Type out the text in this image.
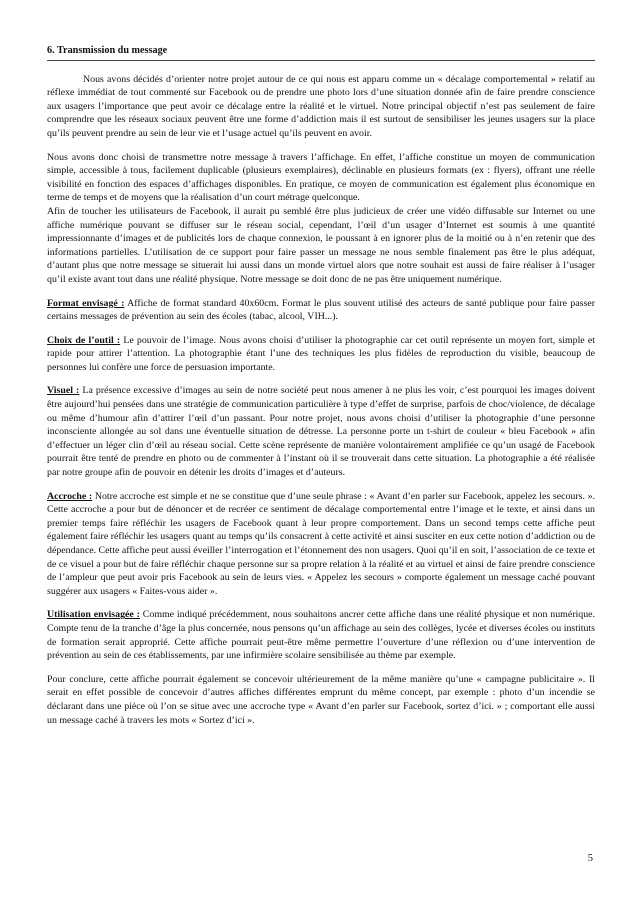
6. Transmission du message

Nous avons décidés d’orienter notre projet autour de ce qui nous est apparu comme un « décalage comportemental » relatif au réflexe immédiat de tout commenté sur Facebook ou de prendre une photo lors d’une situation donnée afin de faire prendre conscience aux usagers l’importance que peut avoir ce décalage entre la réalité et le virtuel. Notre principal objectif n’est pas seulement de faire comprendre que les réseaux sociaux peuvent être une forme d’addiction mais il est surtout de sensibiliser les jeunes usagers sur la place qu’ils peuvent prendre au sein de leur vie et l’usage actuel qu’ils peuvent en avoir.

Nous avons donc choisi de transmettre notre message à travers l’affichage. En effet, l’affiche constitue un moyen de communication simple, accessible à tous, facilement duplicable (plusieurs exemplaires), déclinable en plusieurs formats (ex : flyers), offrant une réelle visibilité en fonction des espaces d’affichages disponibles. En pratique, ce moyen de communication est également plus économique en terme de temps et de moyens que la réalisation d’un court métrage quelconque.

Afin de toucher les utilisateurs de Facebook, il aurait pu semblé être plus judicieux de créer une vidéo diffusable sur Internet ou une affiche numérique pouvant se diffuser sur le réseau social, cependant, l’œil d’un usager d’Internet est soumis à une quantité impressionnante d’images et de publicités lors de chaque connexion, le poussant à en ignorer plus de la moitié ou à n’en retenir que des informations partielles. L’utilisation de ce support pour faire passer un message ne nous semble finalement pas être le plus adéquat, d’autant plus que notre message se situerait lui aussi dans un monde virtuel alors que notre souhait est aussi de faire réaliser à l’usager qu’il existe avant tout dans une réalité physique. Notre message se doit donc de ne pas être uniquement numérique.

Format envisagé : Affiche de format standard 40x60cm. Format le plus souvent utilisé des acteurs de santé publique pour faire passer certains messages de prévention au sein des écoles (tabac, alcool, VIH...).

Choix de l’outil : Le pouvoir de l’image. Nous avons choisi d’utiliser la photographie car cet outil représente un moyen fort, simple et rapide pour attirer l’attention. La photographie étant l’une des techniques les plus fidèles de reproduction du visible, beaucoup de personnes lui confère une force de persuasion importante.

Visuel : La présence excessive d’images au sein de notre société peut nous amener à ne plus les voir, c’est pourquoi les images doivent être aujourd’hui pensées dans une stratégie de communication particulière à type d’effet de surprise, parfois de choc/violence, de décalage ou même d’humour afin d’attirer l’œil d’un passant. Pour notre projet, nous avons choisi d’utiliser la photographie d’une personne inconsciente allongée au sol dans une éventuelle situation de détresse. La personne porte un t-shirt de couleur « bleu Facebook » afin d’effectuer un léger clin d’œil au réseau social. Cette scène représente de manière volontairement amplifiée ce qu’un usagé de Facebook pourrait être tenté de prendre en photo ou de commenter à l’instant où il se trouverait dans cette situation. La photographie a été réalisée par notre groupe afin de pouvoir en détenir les droits d’images et d’auteurs.

Accroche : Notre accroche est simple et ne se constitue que d’une seule phrase : « Avant d’en parler sur Facebook, appelez les secours. ». Cette accroche a pour but de dénoncer et de recréer ce sentiment de décalage comportemental entre l’image et le texte, et ainsi dans un premier temps faire réfléchir les usagers de Facebook quant à leur propre comportement. Dans un second temps cette affiche peut également faire réfléchir les usagers quant au temps qu’ils consacrent à cette activité et ainsi susciter en eux cette notion d’addiction ou de dépendance. Cette affiche peut aussi éveiller l’interrogation et l’étonnement des non usagers. Quoi qu’il en soit, l’association de ce texte et de ce visuel a pour but de faire réfléchir chaque personne sur sa propre relation à la réalité et au virtuel et ainsi de faire prendre conscience de l’ampleur que peut avoir pris Facebook au sein de leurs vies. « Appelez les secours » comporte également un message caché pouvant suggérer aux usagers « Faites-vous aider ».

Utilisation envisagée : Comme indiqué précédemment, nous souhaitons ancrer cette affiche dans une réalité physique et non numérique. Compte tenu de la tranche d’âge la plus concernée, nous pensons qu’un affichage au sein des collèges, lycée et diverses écoles ou instituts de formation serait approprié. Cette affiche pourrait peut-être même permettre l’ouverture d’une réflexion ou d’une intervention de prévention au sein de ces établissements, par une infirmière scolaire sensibilisée au thème par exemple.

Pour conclure, cette affiche pourrait également se concevoir ultérieurement de la même manière qu’une « campagne publicitaire ». Il serait en effet possible de concevoir d’autres affiches différentes emprunt du même concept, par exemple : photo d’un incendie se déclarant dans une pièce où l’on se situe avec une accroche type « Avant d’en parler sur Facebook, sortez d’ici. » ; comportant elle aussi un message caché à travers les mots « Sortez d’ici ».

5
